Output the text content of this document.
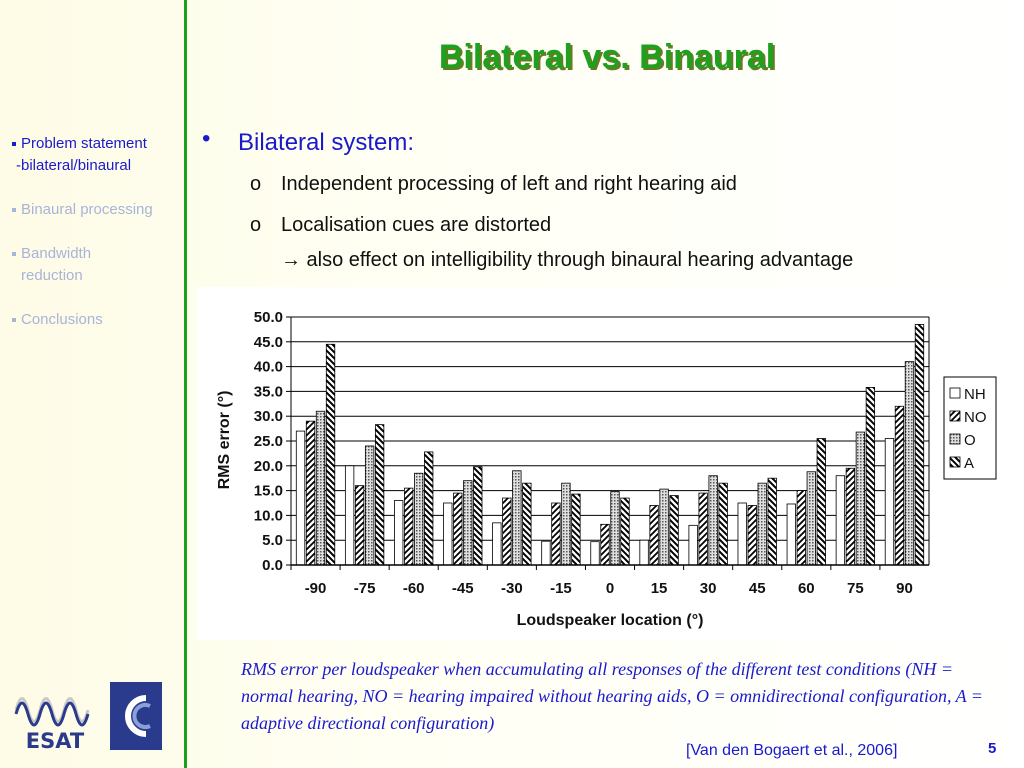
Bilateral vs. Binaural
Problem statement
-bilateral/binaural
Binaural processing
Bandwidth
reduction
Conclusions
• Bilateral system:
o Independent processing of left and right hearing aid
o Localisation cues are distorted
→ also effect on intelligibility through binaural hearing advantage
0.0
5.0
10.0
15.0
20.0
25.0
30.0
35.0
40.0
45.0
50.0
-90 -75 -60 -45 -30 -15 0 15 30 45 60 75 90
Loudspeaker location (°)
RMS error (°)	NH
NO
O
A
RMS error per loudspeaker when accumulating all responses of the different test conditions (NH = normal hearing, NO = hearing impaired without hearing aids, O = omnidirectional configuration, A = adaptive directional configuration)
[Van den Bogaert et al., 2006]	5
ESAT
